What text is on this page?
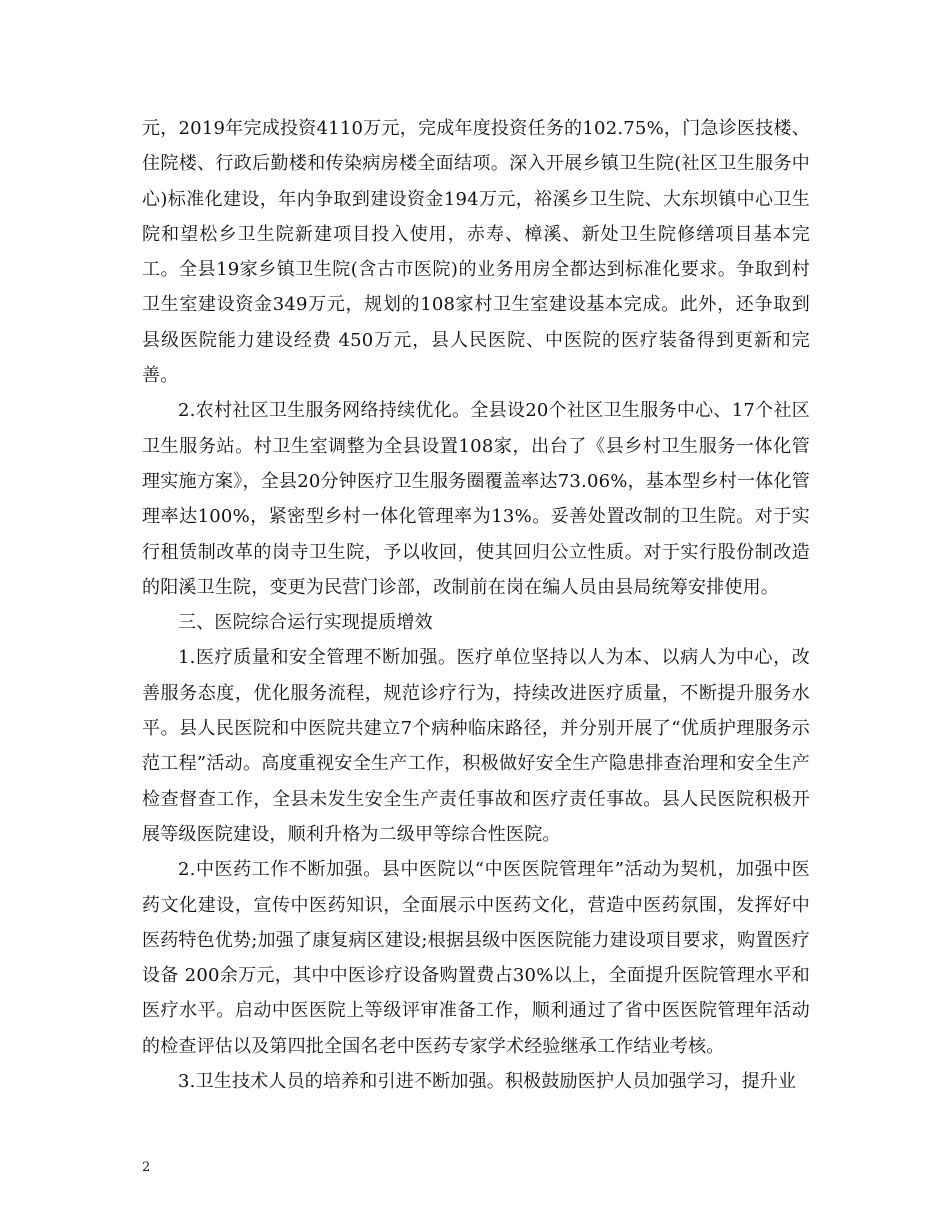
元，2019年完成投资4110万元，完成年度投资任务的102.75%，门急诊医技楼、住院楼、行政后勤楼和传染病房楼全面结项。深入开展乡镇卫生院(社区卫生服务中心)标准化建设，年内争取到建设资金194万元，裕溪乡卫生院、大东坝镇中心卫生院和望松乡卫生院新建项目投入使用，赤寿、樟溪、新处卫生院修缮项目基本完工。全县19家乡镇卫生院(含古市医院)的业务用房全都达到标准化要求。争取到村卫生室建设资金349万元，规划的108家村卫生室建设基本完成。此外，还争取到县级医院能力建设经费 450万元，县人民医院、中医院的医疗装备得到更新和完善。

2.农村社区卫生服务网络持续优化。全县设20个社区卫生服务中心、17个社区卫生服务站。村卫生室调整为全县设置108家，出台了《县乡村卫生服务一体化管理实施方案》，全县20分钟医疗卫生服务圈覆盖率达73.06%，基本型乡村一体化管理率达100%，紧密型乡村一体化管理率为13%。妥善处置改制的卫生院。对于实行租赁制改革的岗寺卫生院，予以收回，使其回归公立性质。对于实行股份制改造的阳溪卫生院，变更为民营门诊部，改制前在岗在编人员由县局统筹安排使用。

三、医院综合运行实现提质增效

1.医疗质量和安全管理不断加强。医疗单位坚持以人为本、以病人为中心，改善服务态度，优化服务流程，规范诊疗行为，持续改进医疗质量，不断提升服务水平。县人民医院和中医院共建立7个病种临床路径，并分别开展了“优质护理服务示范工程”活动。高度重视安全生产工作，积极做好安全生产隐患排查治理和安全生产检查督查工作，全县未发生安全生产责任事故和医疗责任事故。县人民医院积极开展等级医院建设，顺利升格为二级甲等综合性医院。

2.中医药工作不断加强。县中医院以“中医医院管理年”活动为契机，加强中医药文化建设，宣传中医药知识，全面展示中医药文化，营造中医药氛围，发挥好中医药特色优势;加强了康复病区建设;根据县级中医医院能力建设项目要求，购置医疗设备 200余万元，其中中医诊疗设备购置费占30%以上，全面提升医院管理水平和医疗水平。启动中医医院上等级评审准备工作，顺利通过了省中医医院管理年活动的检查评估以及第四批全国名老中医药专家学术经验继承工作结业考核。

3.卫生技术人员的培养和引进不断加强。积极鼓励医护人员加强学习，提升业

2
